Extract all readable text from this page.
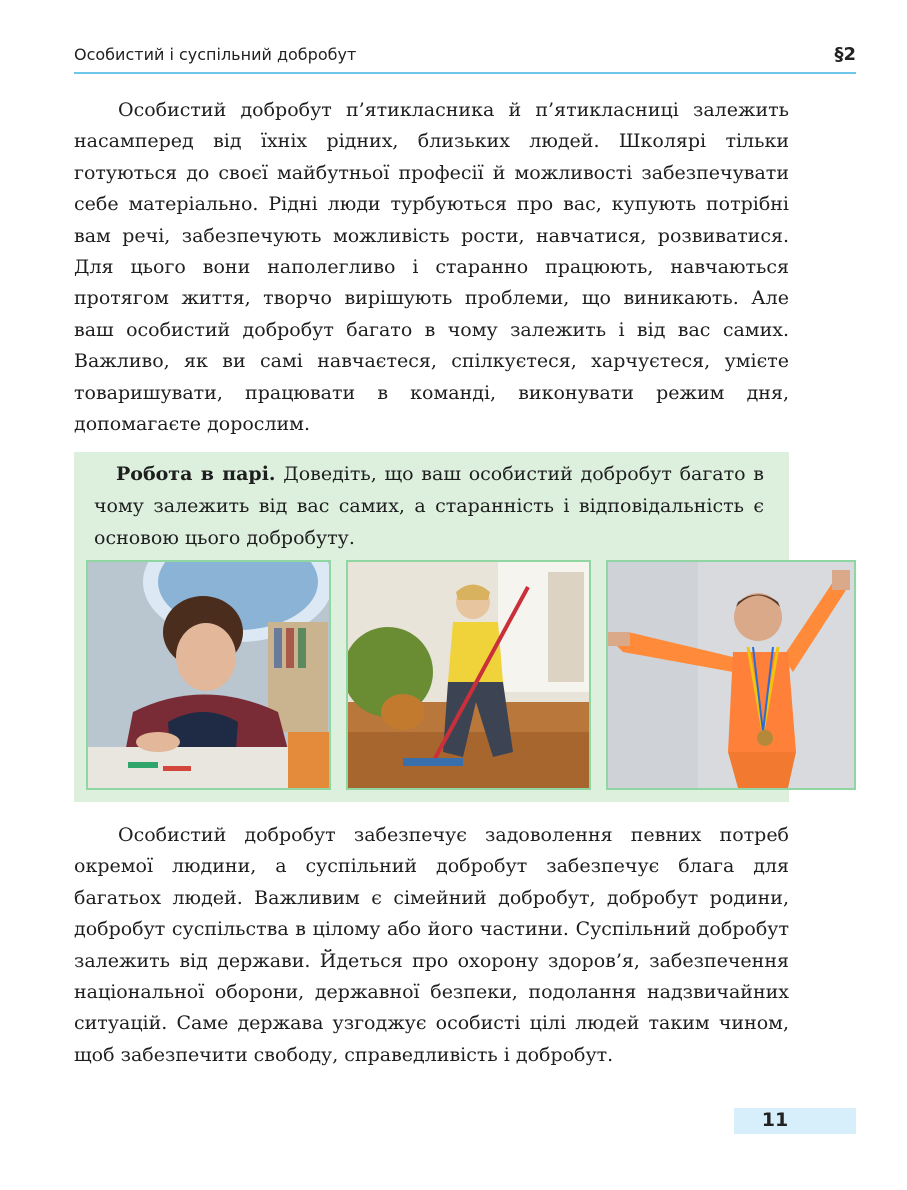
Особистий і суспільний добробут	§2

Особистий добробут п’ятикласника й п’ятикласниці залежить насамперед від їхніх рідних, близьких людей. Школярі тільки готуються до своєї майбутньої професії й можливості забезпечувати себе матеріально. Рідні люди турбуються про вас, купують потрібні вам речі, забезпечують можливість рости, навчатися, розвиватися. Для цього вони наполегливо і старанно працюють, навчаються протягом життя, творчо вирішують проблеми, що виникають. Але ваш особистий добробут багато в чому залежить і від вас самих. Важливо, як ви самі навчаєтеся, спілкуєтеся, харчуєтеся, умієте товаришувати, працювати в команді, виконувати режим дня, допомагаєте дорослим.

Робота в парі. Доведіть, що ваш особистий добробут багато в чому залежить від вас самих, а старанність і відповідальність є основою цього добробуту.

Особистий добробут забезпечує задоволення певних потреб окремої людини, а суспільний добробут забезпечує блага для багатьох людей. Важливим є сімейний добробут, добробут родини, добробут суспільства в цілому або його частини. Суспільний добробут залежить від держави. Йдеться про охорону здоров’я, забезпечення національної оборони, державної безпеки, подолання надзвичайних ситуацій. Саме держава узгоджує особисті цілі людей таким чином, щоб забезпечити свободу, справедливість і добробут.

11
